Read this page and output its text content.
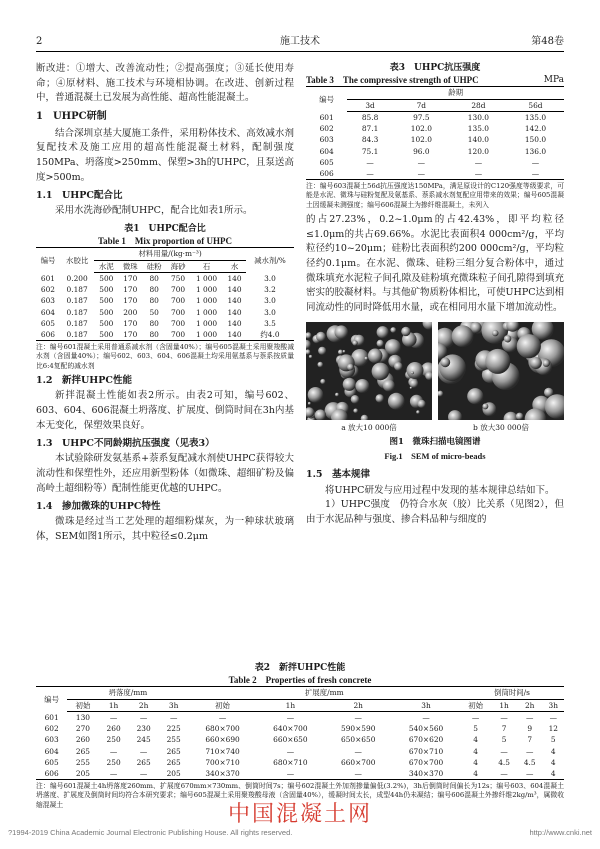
2	施工技术	第48卷

断改进：①增大、改善流动性；②提高强度；③延长使用寿命；④原材料、施工技术与环境相协调。在改进、创新过程中，普通混凝土已发展为高性能、超高性能混凝土。

1　UHPC研制

结合深圳京基大厦施工条件，采用粉体技术、高效减水剂复配技术及施工应用的超高性能混凝土材料，配制强度150MPa、坍落度>250mm、保塑>3h的UHPC，且泵送高度>500m。

1.1　UHPC配合比

采用水洗海砂配制UHPC，配合比如表1所示。

表1　UHPC配合比
Table 1　Mix proportion of UHPC
编号	水胶比	材料用量/(kg·m⁻³)						减水剂/%
		水泥	微珠	硅粉	海砂	石	水	
601	0.200	500	170	80	750	1 000	140	3.0
602	0.187	500	170	80	700	1 000	140	3.2
603	0.187	500	170	80	700	1 000	140	3.0
604	0.187	500	200	50	700	1 000	140	3.0
605	0.187	500	170	80	700	1 000	140	3.5
606	0.187	500	170	80	700	1 000	140	约4.0
注：编号601混凝土采用普通系减水剂（含固量40%）；编号605混凝土采用聚羧酸减水剂（含固量40%）；编号602、603、604、606混凝土均采用氨基系与萘系按质量比6:4复配的减水剂
1.2　新拌UHPC性能

新拌混凝土性能如表2所示。由表2可知，编号602、603、604、606混凝土坍落度、扩展度、倒筒时间在3h内基本无变化，保塑效果良好。

1.3　UHPC不同龄期抗压强度（见表3）

本试验除研发氨基系+萘系复配减水剂使UHPC获得较大流动性和保塑性外，还应用新型粉体（如微珠、超细矿粉及偏高岭土超细粉等）配制性能更优越的UHPC。

1.4　掺加微珠的UHPC特性

微珠是经过当工艺处理的超细粉煤灰，为一种球状玻璃体，SEM如图1所示，其中粒径≤0.2μm

表3　UHPC抗压强度
Table 3　The compressive strength of UHPC	MPa
编号	龄期			
	3d	7d	28d	56d
601	85.8	97.5	130.0	135.0
602	87.1	102.0	135.0	142.0
603	84.3	102.0	140.0	150.0
604	75.1	96.0	120.0	136.0
605	—	—	—	—
606	—	—	—	—
注：编号603混凝土56d抗压强度达150MPa，满足原设计的C120强度等级要求，可能是水泥、微珠与硅粉复配及氨基系、萘系减水剂复配应用带来的效果；编号605混凝土因缓凝未测强度；编号606混凝土为掺纤维混凝土，未列入

的占27.23%，0.2~1.0μm的占42.43%，即平均粒径≤1.0μm的共占69.66%。水泥比表面积4 000cm²/g，平均粒径约10~20μm；硅粉比表面积约200 000cm²/g，平均粒径约0.1μm。在水泥、微珠、硅粉三组分复合粉体中，通过微珠填充水泥粒子间孔隙及硅粉填充微珠粒子间孔隙得到填充密实的胶凝材料。与其他矿物质粉体相比，可使UHPC达到相同流动性的同时降低用水量，或在相同用水量下增加流动性。

a 放大10 000倍	b 放大30 000倍
图1　微珠扫描电镜图谱
Fig.1　SEM of micro-beads
1.5　基本规律

将UHPC研发与应用过程中发现的基本规律总结如下。

1）UHPC强度　仍符合水灰（胶）比关系（见图2），但由于水泥品种与强度、掺合料品种与细度的

表2　新拌UHPC性能
Table 2　Properties of fresh concrete
编号	坍落度/mm				扩展度/mm				倒筒时间/s			
	初始	1h	2h	3h	初始	1h	2h	3h	初始	1h	2h	3h
601	130	—	—	—	—	—	—	—	—	—	—	—
602	270	260	230	225	680×700	640×700	590×590	540×560	5	7	9	12
603	260	250	245	255	660×690	660×650	650×650	670×620	4	5	7	5
604	265	—	—	265	710×740	—	—	670×710	4	—	—	4
605	255	250	265	265	700×710	680×710	660×700	670×700	4	4.5	4.5	4
606	205	—	—	205	340×370	—	—	340×370	4	—	—	4
注：编号601混凝土4h坍落度260mm、扩展度670mm×730mm、倒筒时间7s；编号602混凝土外加剂掺量偏低(3.2%)，3h后倒筒时间偏长为12s；编号603、604混凝土坍落度、扩展度及倒筒时间均符合本研究要求；编号605混凝土采用聚羧酸母液（含固量40%），缓凝时间太长，成型44h仍未凝结；编号606混凝土外掺纤维2kg/m³，属微收缩混凝土	中国混凝土网
?1994-2019 China Academic Journal Electronic Publishing House. All rights reserved.	http://www.cnki.net
